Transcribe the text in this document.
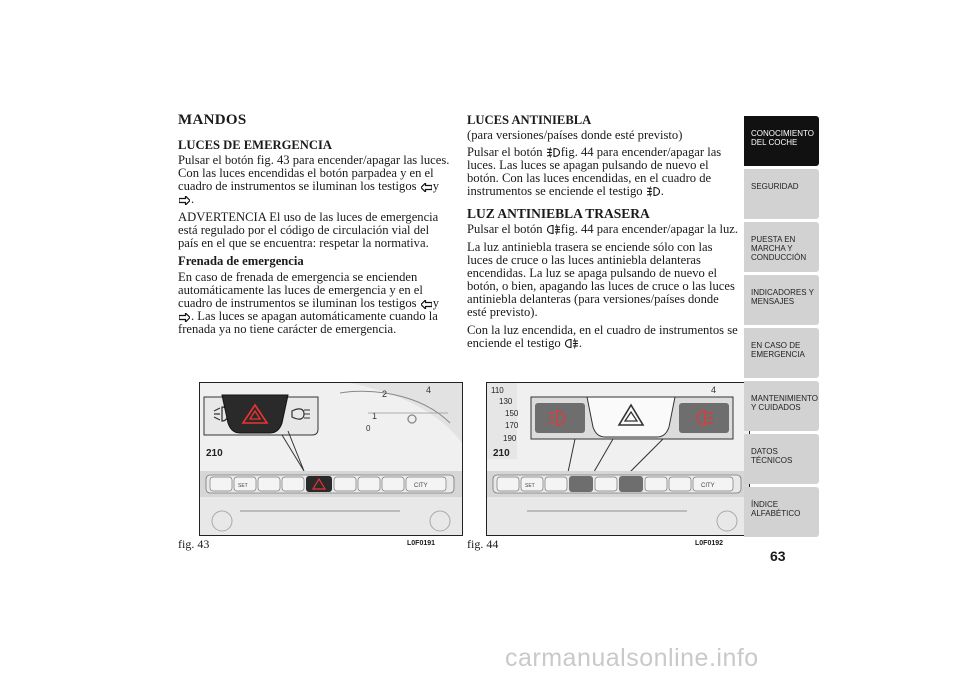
MANDOS
LUCES DE EMERGENCIA

Pulsar el botón fig. 43 para encender/apagar las luces. Con las luces encendidas el botón parpadea y en el cuadro de instrumentos se iluminan los testigos
y
.

ADVERTENCIA El uso de las luces de emergencia está regulado por el código de circulación vial del país en el que se encuentra: respetar la normativa.

Frenada de emergencia

En caso de frenada de emergencia se encienden automáticamente las luces de emergencia y en el cuadro de instrumentos se iluminan los testigos
y
. Las luces se apagan automáticamente cuando la frenada ya no tiene carácter de emergencia.

LUCES ANTINIEBLA

(para versiones/países donde esté previsto)

Pulsar el botón
fig. 44 para encender/apagar las luces. Las luces se apagan pulsando de nuevo el botón. Con las luces encendidas, en el cuadro de instrumentos se enciende el testigo
.

LUZ ANTINIEBLA TRASERA

Pulsar el botón
fig. 44 para encender/apagar la luz.

La luz antiniebla trasera se enciende sólo con las luces de cruce o las luces antiniebla delanteras encendidas. La luz se apaga pulsando de nuevo el botón, o bien, apagando las luces de cruce o las luces antiniebla delanteras (para versiones/países donde esté previsto).

Con la luz encendida, en el cuadro de instrumentos se enciende el testigo
.

2	4
1
0
210
SET	CITY
fig. 43	L0F0191
4
110
130
150
170
190
210
SET	CITY
fig. 44	L0F0192
CONOCIMIENTO DEL COCHE
SEGURIDAD
PUESTA EN MARCHA Y CONDUCCIÓN
INDICADORES Y MENSAJES
EN CASO DE EMERGENCIA
MANTENIMIENTO Y CUIDADOS
DATOS TÉCNICOS
ÍNDICE ALFABÉTICO
63
carmanualsonline.info
